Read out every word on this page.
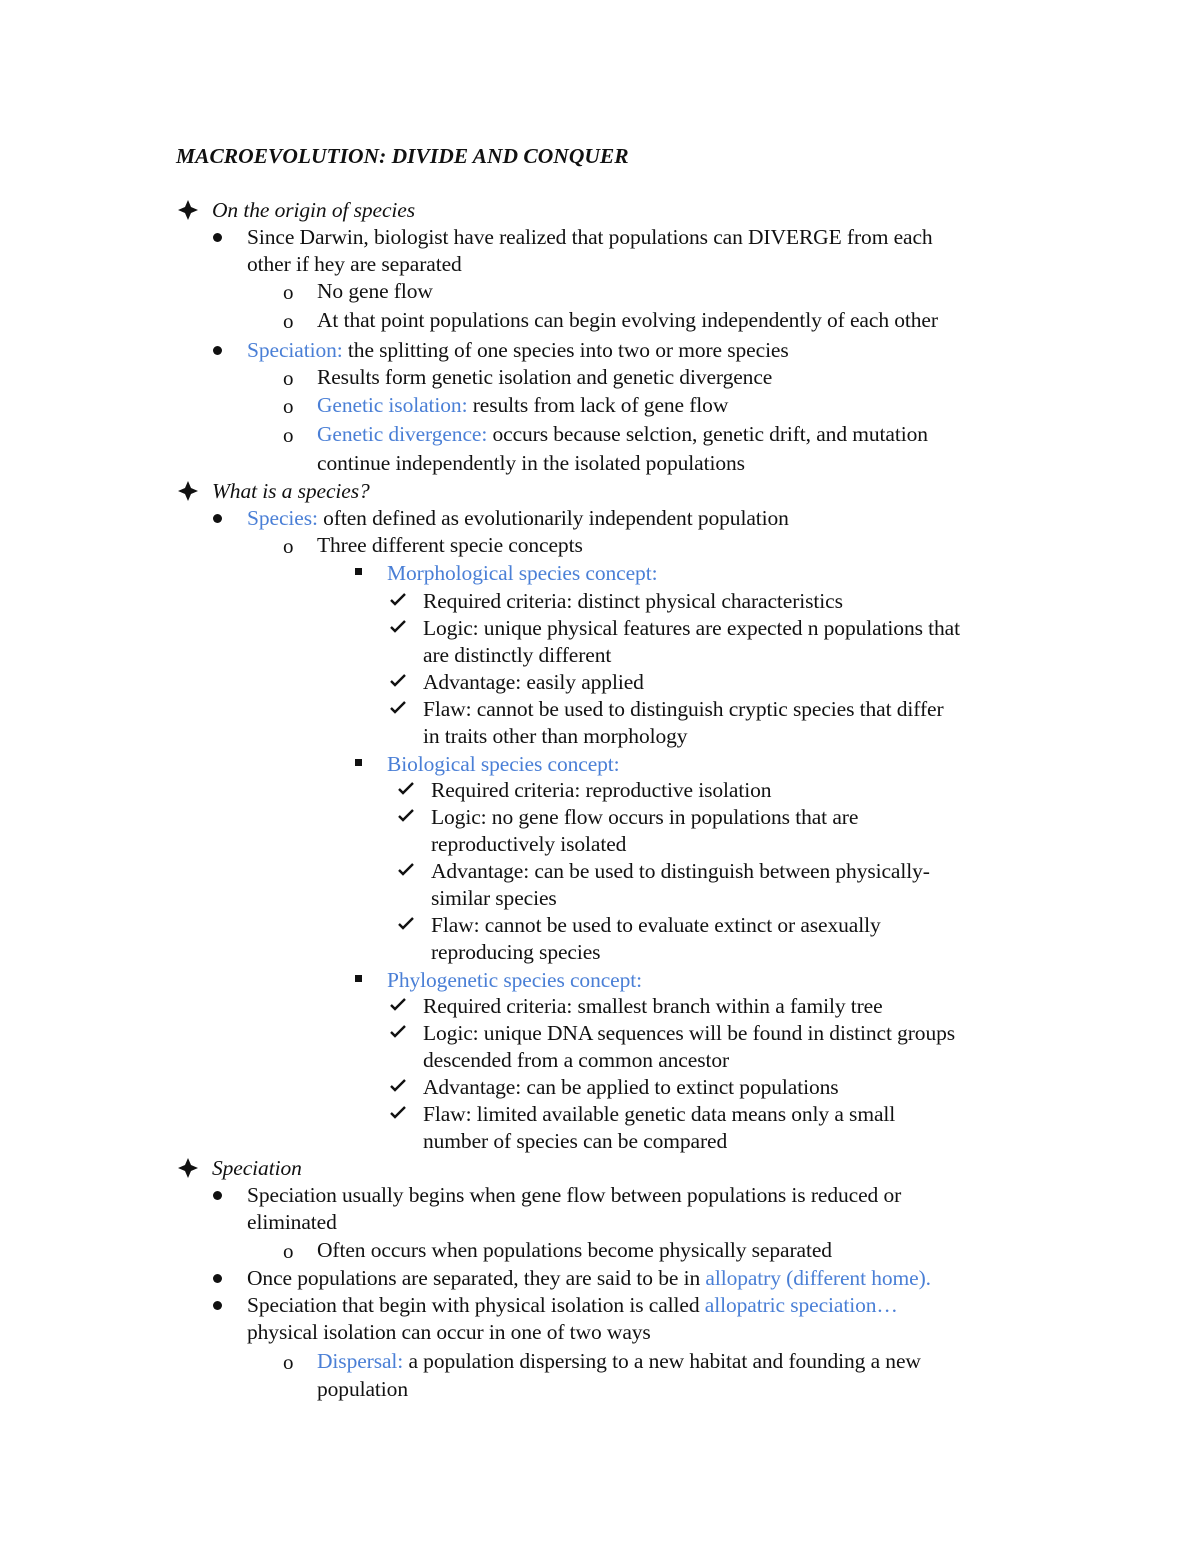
MACROEVOLUTION: DIVIDE AND CONQUER
On the origin of species
Since Darwin, biologist have realized that populations can DIVERGE from each
other if hey are separated
o No gene flow
o At that point populations can begin evolving independently of each other
Speciation: the splitting of one species into two or more species
o Results form genetic isolation and genetic divergence
o Genetic isolation: results from lack of gene flow
o Genetic divergence: occurs because selction, genetic drift, and mutation
continue independently in the isolated populations
What is a species?
Species: often defined as evolutionarily independent population
o Three different specie concepts
Morphological species concept:
Required criteria: distinct physical characteristics
Logic: unique physical features are expected n populations that
are distinctly different
Advantage: easily applied
Flaw: cannot be used to distinguish cryptic species that differ
in traits other than morphology
Biological species concept:
Required criteria: reproductive isolation
Logic: no gene flow occurs in populations that are
reproductively isolated
Advantage: can be used to distinguish between physically-
similar species
Flaw: cannot be used to evaluate extinct or asexually
reproducing species
Phylogenetic species concept:
Required criteria: smallest branch within a family tree
Logic: unique DNA sequences will be found in distinct groups
descended from a common ancestor
Advantage: can be applied to extinct populations
Flaw: limited available genetic data means only a small
number of species can be compared
Speciation
Speciation usually begins when gene flow between populations is reduced or
eliminated
o Often occurs when populations become physically separated
Once populations are separated, they are said to be in allopatry (different home).
Speciation that begin with physical isolation is called allopatric speciation…
physical isolation can occur in one of two ways
o Dispersal: a population dispersing to a new habitat and founding a new
population
